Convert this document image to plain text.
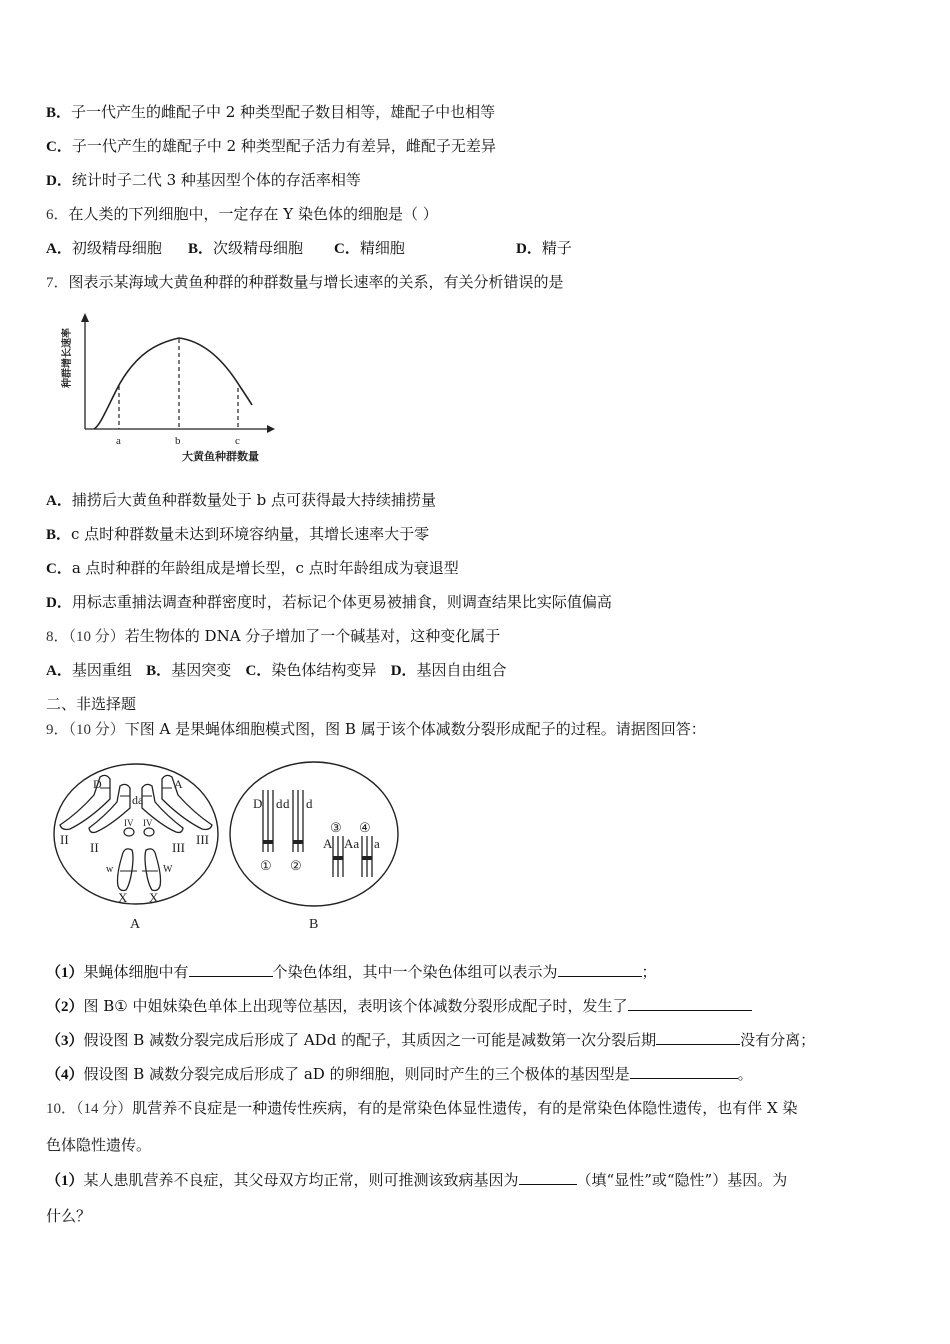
B．子一代产生的雌配子中 2 种类型配子数目相等，雄配子中也相等
C．子一代产生的雄配子中 2 种类型配子活力有差异，雌配子无差异
D．统计时子二代 3 种基因型个体的存活率相等
6．在人类的下列细胞中，一定存在 Y 染色体的细胞是（ ）
A．初级精母细胞 B．次级精母细胞 C．精细胞	D．精子
7．图表示某海域大黄鱼种群的种群数量与增长速率的关系，有关分析错误的是
a	b	c
大黄鱼种群数量
种群增长速率
A．捕捞后大黄鱼种群数量处于 b 点可获得最大持续捕捞量
B．c 点时种群数量未达到环境容纳量，其增长速率大于零
C．a 点时种群的年龄组成是增长型，c 点时年龄组成为衰退型
D．用标志重捕法调查种群密度时，若标记个体更易被捕食，则调查结果比实际值偏高
8．（10 分）若生物体的 DNA 分子增加了一个碱基对，这种变化属于
A．基因重组 B．基因突变 C．染色体结构变异 D．基因自由组合
二、非选择题
9．（10 分）下图 A 是果蝇体细胞模式图，图 B 属于该个体减数分裂形成配子的过程。请据图回答：
D
da
A
II
II
IV IV
III
III
w	W
X X
A
D d d d
① ②
③ ④
A Aa a
B
（1）果蝇体细胞中有	个染色体组，其中一个染色体组可以表示为	；
（2）图 B① 中姐妹染色单体上出现等位基因，表明该个体减数分裂形成配子时，发生了
（3）假设图 B 减数分裂完成后形成了 ADd 的配子，其质因之一可能是减数第一次分裂后期	没有分离；
（4）假设图 B 减数分裂完成后形成了 aD 的卵细胞，则同时产生的三个极体的基因型是	。
10．（14 分）肌营养不良症是一种遗传性疾病，有的是常染色体显性遗传，有的是常染色体隐性遗传，也有伴 X 染
色体隐性遗传。
（1）某人患肌营养不良症，其父母双方均正常，则可推测该致病基因为	（填“显性”或“隐性”）基因。为
什么？
